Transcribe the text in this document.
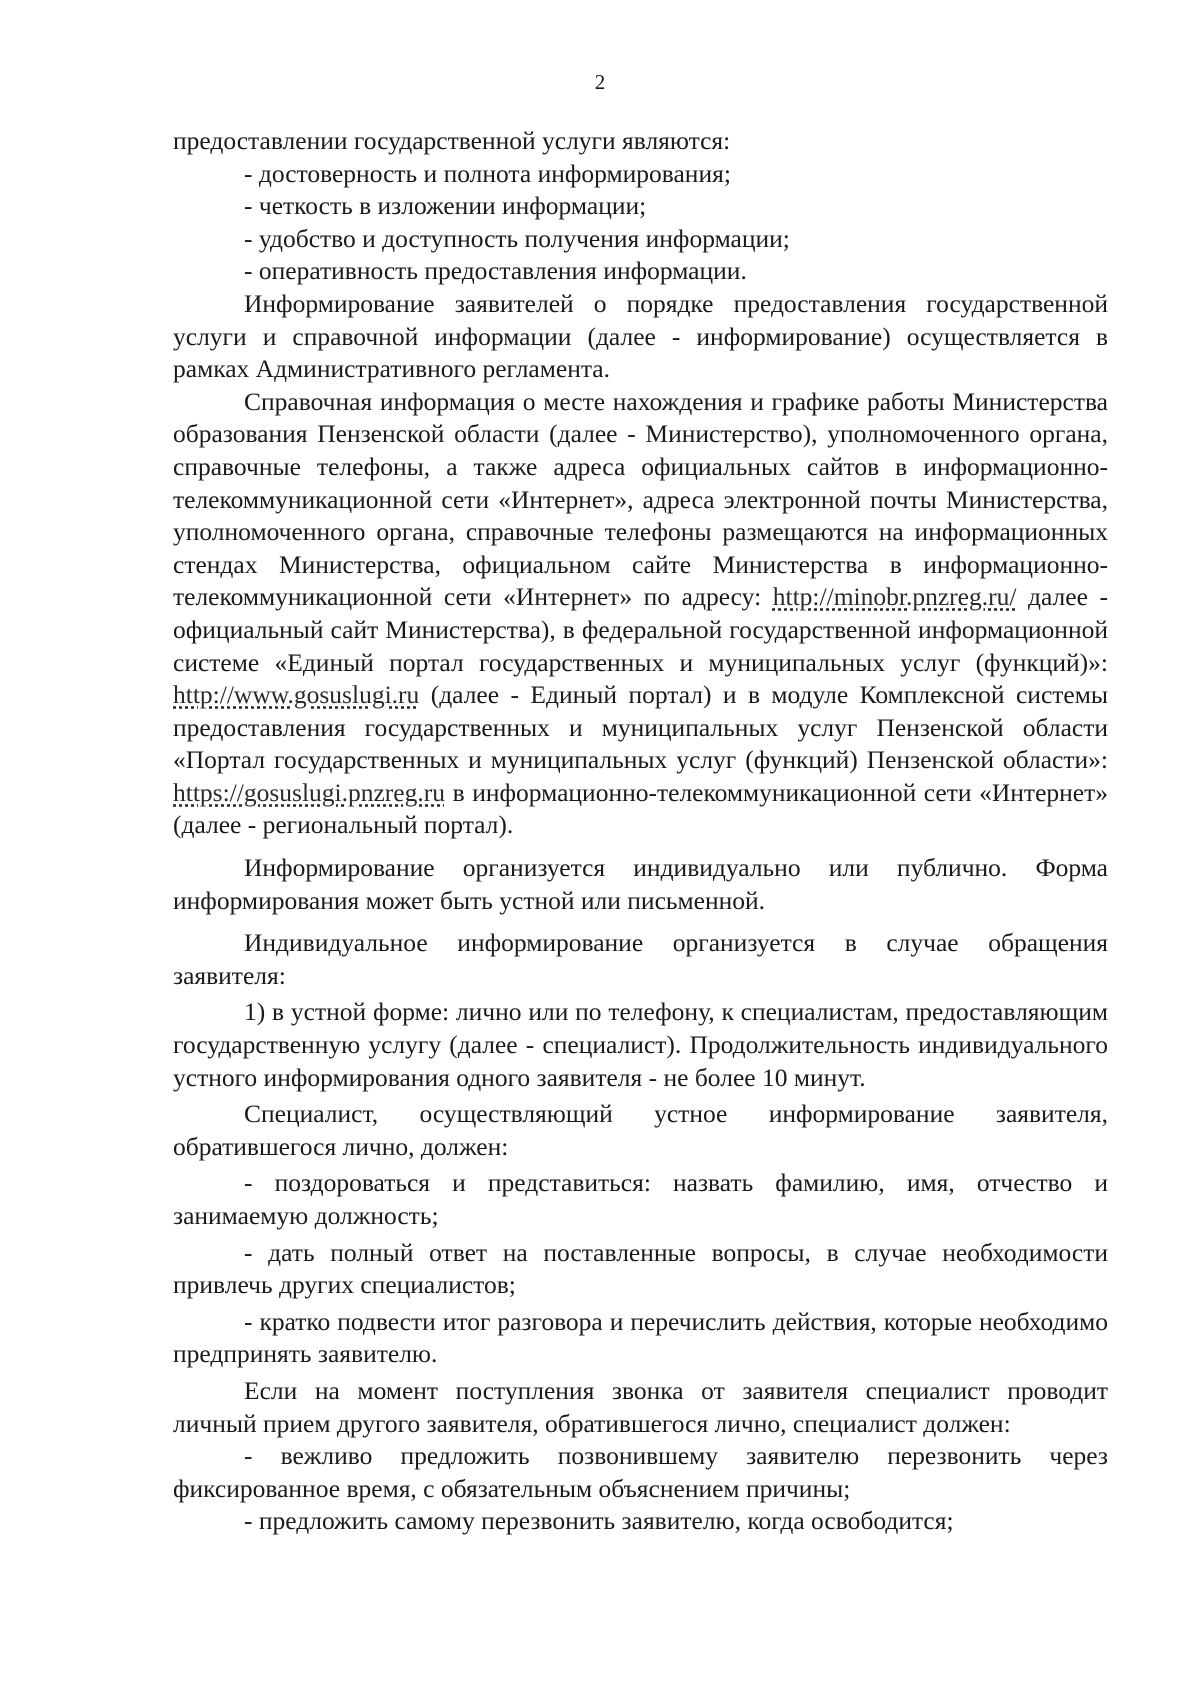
2

предоставлении государственной услуги являются:

- достоверность и полнота информирования;

- четкость в изложении информации;

- удобство и доступность получения информации;

- оперативность предоставления информации.

Информирование заявителей о порядке предоставления государственной услуги и справочной информации (далее - информирование) осуществляется в рамках Административного регламента.

Справочная информация о месте нахождения и графике работы Министерства образования Пензенской области (далее - Министерство), уполномоченного органа, справочные телефоны, а также адреса официальных сайтов в информационно-телекоммуникационной сети «Интернет», адреса электронной почты Министерства, уполномоченного органа, справочные телефоны размещаются на информационных стендах Министерства, официальном сайте Министерства в информационно-телекоммуникационной сети «Интернет» по адресу: http://minobr.pnzreg.ru/ далее - официальный сайт Министерства), в федеральной государственной информационной системе «Единый портал государственных и муниципальных услуг (функций)»: http://www.gosuslugi.ru (далее - Единый портал) и в модуле Комплексной системы предоставления государственных и муниципальных услуг Пензенской области «Портал государственных и муниципальных услуг (функций) Пензенской области»: https://gosuslugi.pnzreg.ru в информационно-телекоммуникационной сети «Интернет» (далее - региональный портал).

Информирование организуется индивидуально или публично. Форма информирования может быть устной или письменной.

Индивидуальное информирование организуется в случае обращения заявителя:

1) в устной форме: лично или по телефону, к специалистам, предоставляющим государственную услугу (далее - специалист). Продолжительность индивидуального устного информирования одного заявителя - не более 10 минут.

Специалист, осуществляющий устное информирование заявителя, обратившегося лично, должен:

- поздороваться и представиться: назвать фамилию, имя, отчество и занимаемую должность;

- дать полный ответ на поставленные вопросы, в случае необходимости привлечь других специалистов;

- кратко подвести итог разговора и перечислить действия, которые необходимо предпринять заявителю.

Если на момент поступления звонка от заявителя специалист проводит личный прием другого заявителя, обратившегося лично, специалист должен:

- вежливо предложить позвонившему заявителю перезвонить через фиксированное время, с обязательным объяснением причины;

- предложить самому перезвонить заявителю, когда освободится;
